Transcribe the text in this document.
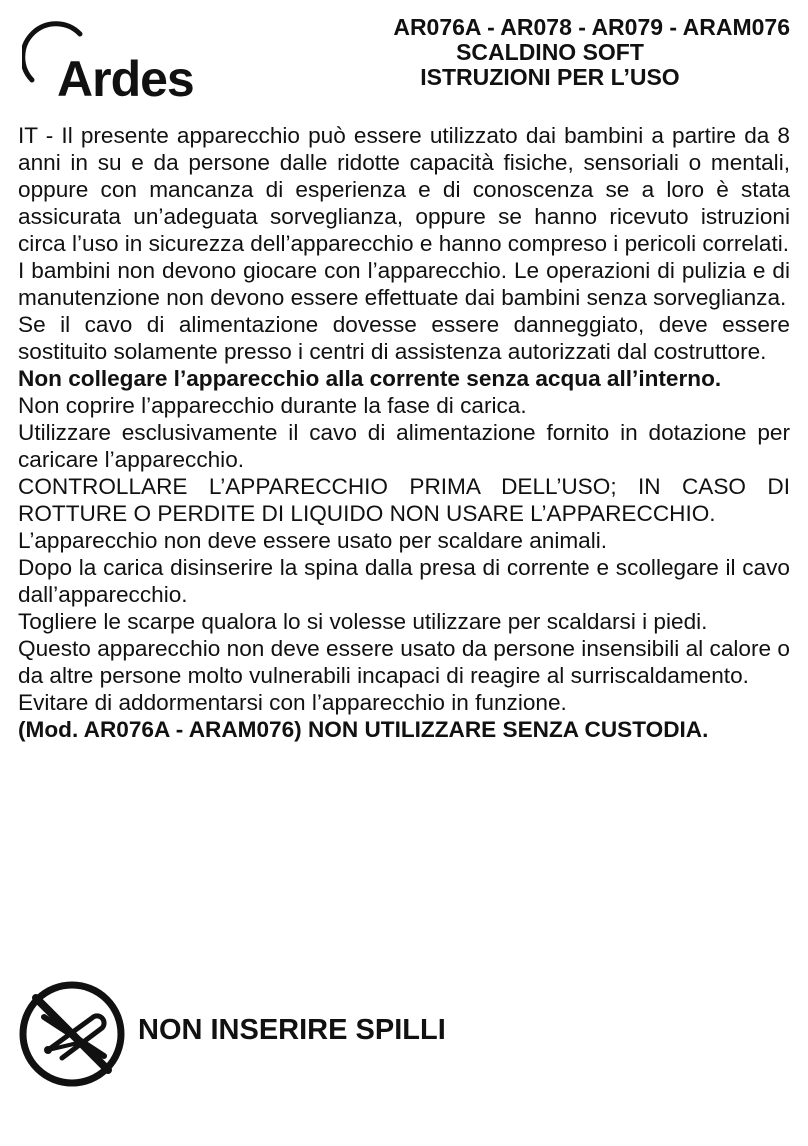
Ardes
AR076A - AR078 - AR079 - ARAM076
SCALDINO SOFT
ISTRUZIONI PER L’USO

IT - Il presente apparecchio può essere utilizzato dai bambini a partire da 8 anni in su e da persone dalle ridotte capacità fisiche, sensoriali o mentali, oppure con mancanza di esperienza e di conoscenza se a loro è stata assicurata un’adeguata sorveglianza, oppure se hanno ricevuto istruzioni circa l’uso in sicurezza dell’apparecchio e hanno compreso i pericoli correlati.

I bambini non devono giocare con l’apparecchio. Le operazioni di pulizia e di manutenzione non devono essere effettuate dai bambini senza sorveglianza.

Se il cavo di alimentazione dovesse essere danneggiato, deve essere sostituito solamente presso i centri di assistenza autorizzati dal costruttore.

Non collegare l’apparecchio alla corrente senza acqua all’interno.

Non coprire l’apparecchio durante la fase di carica.

Utilizzare esclusivamente il cavo di alimentazione fornito in dotazione per caricare l’apparecchio.

CONTROLLARE L’APPARECCHIO PRIMA DELL’USO; IN CASO DI ROTTURE O PERDITE DI LIQUIDO NON USARE L’APPARECCHIO.

L’apparecchio non deve essere usato per scaldare animali.

Dopo la carica disinserire la spina dalla presa di corrente e scollegare il cavo dall’apparecchio.

Togliere le scarpe qualora lo si volesse utilizzare per scaldarsi i piedi.

Questo apparecchio non deve essere usato da persone insensibili al calore o da altre persone molto vulnerabili incapaci di reagire al surriscaldamento.

Evitare di addormentarsi con l’apparecchio in funzione.

(Mod. AR076A - ARAM076) NON UTILIZZARE SENZA CUSTODIA.

NON INSERIRE SPILLI
